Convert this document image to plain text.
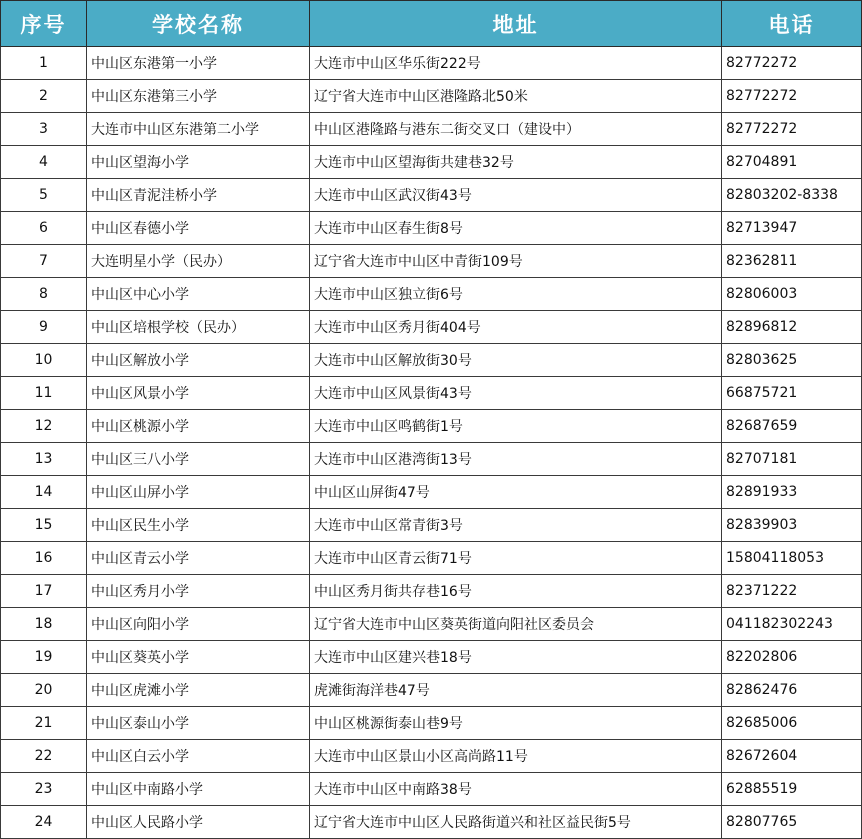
序号	学校名称	地址	电话
1	中山区东港第一小学	大连市中山区华乐街222号	82772272
2	中山区东港第三小学	辽宁省大连市中山区港隆路北50米	82772272
3	大连市中山区东港第二小学	中山区港隆路与港东二街交叉口（建设中）	82772272
4	中山区望海小学	大连市中山区望海街共建巷32号	82704891
5	中山区青泥洼桥小学	大连市中山区武汉街43号	82803202-8338
6	中山区春德小学	大连市中山区春生街8号	82713947
7	大连明星小学（民办）	辽宁省大连市中山区中青街109号	82362811
8	中山区中心小学	大连市中山区独立街6号	82806003
9	中山区培根学校（民办）	大连市中山区秀月街404号	82896812
10	中山区解放小学	大连市中山区解放街30号	82803625
11	中山区风景小学	大连市中山区风景街43号	66875721
12	中山区桃源小学	大连市中山区鸣鹤街1号	82687659
13	中山区三八小学	大连市中山区港湾街13号	82707181
14	中山区山屏小学	中山区山屏街47号	82891933
15	中山区民生小学	大连市中山区常青街3号	82839903
16	中山区青云小学	大连市中山区青云街71号	15804118053
17	中山区秀月小学	中山区秀月街共存巷16号	82371222
18	中山区向阳小学	辽宁省大连市中山区葵英街道向阳社区委员会	041182302243
19	中山区葵英小学	大连市中山区建兴巷18号	82202806
20	中山区虎滩小学	虎滩街海洋巷47号	82862476
21	中山区泰山小学	中山区桃源街泰山巷9号	82685006
22	中山区白云小学	大连市中山区景山小区高尚路11号	82672604
23	中山区中南路小学	大连市中山区中南路38号	62885519
24	中山区人民路小学	辽宁省大连市中山区人民路街道兴和社区益民街5号	82807765
